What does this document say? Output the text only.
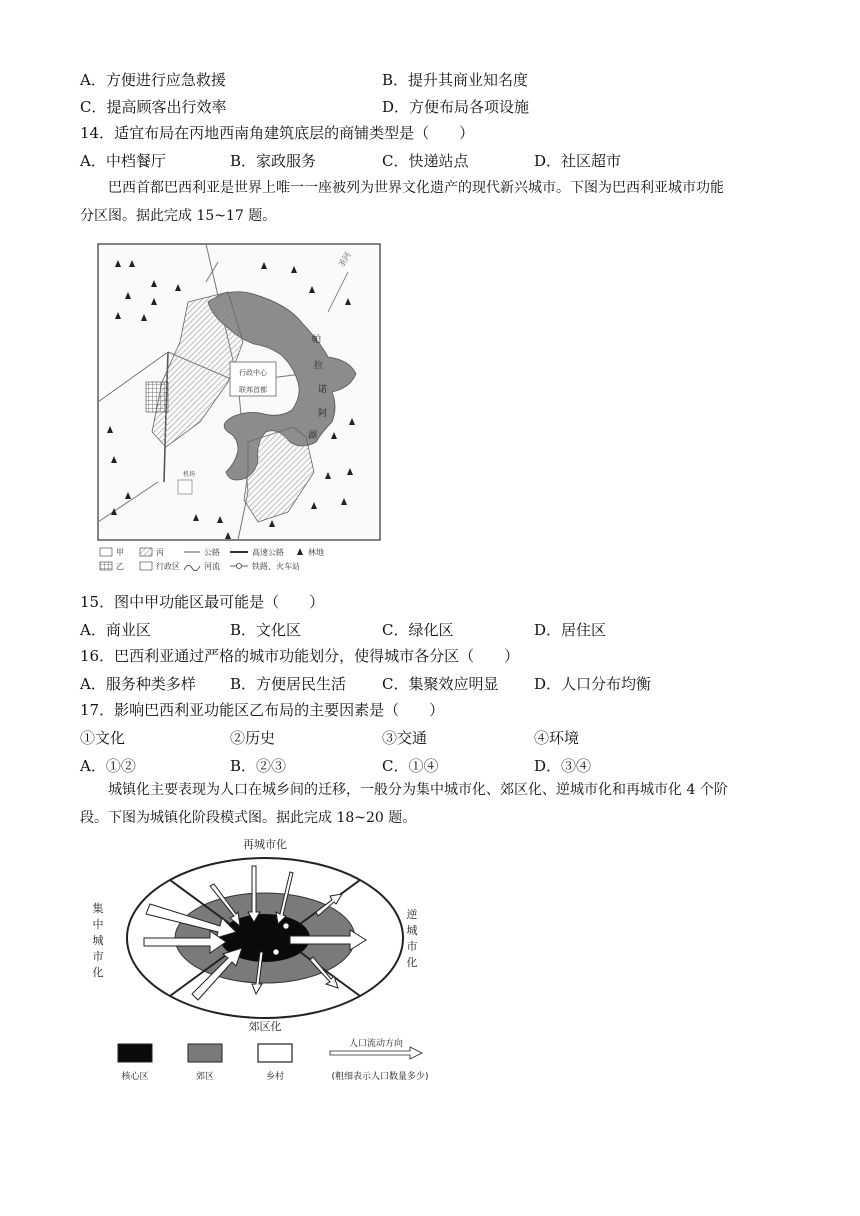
A．方便进行应急救援	B．提升其商业知名度
C．提高顾客出行效率	D．方便布局各项设施
14．适宜布局在丙地西南角建筑底层的商铺类型是（　　）
A．中档餐厅	B．家政服务	C．快递站点	D．社区超市
巴西首都巴西利亚是世界上唯一一座被列为世界文化遗产的现代新兴城市。下图为巴西利亚城市功能
分区图。据此完成 15~17 题。
圣河
行政中心
联邦首都
帕
拉
诺
阿
湖
机场
甲	丙	公路	高速公路	林地
乙	行政区	河流	铁路、火车站
15．图中甲功能区最可能是（　　）
A．商业区	B．文化区	C．绿化区	D．居住区
16．巴西利亚通过严格的城市功能划分，使得城市各分区（　　）
A．服务种类多样 B．方便居民生活 C．集聚效应明显 D．人口分布均衡
17．影响巴西利亚功能区乙布局的主要因素是（　　）
①文化	②历史	③交通	④环境
A．①②	B．②③	C．①④	D．③④
城镇化主要表现为人口在城乡间的迁移，一般分为集中城市化、郊区化、逆城市化和再城市化 4 个阶
段。下图为城镇化阶段模式图。据此完成 18~20 题。
再城市化
集
中
城
市
化
逆
城
市
化
郊区化
核心区	郊区	乡村
人口流动方向
(粗细表示人口数量多少)
